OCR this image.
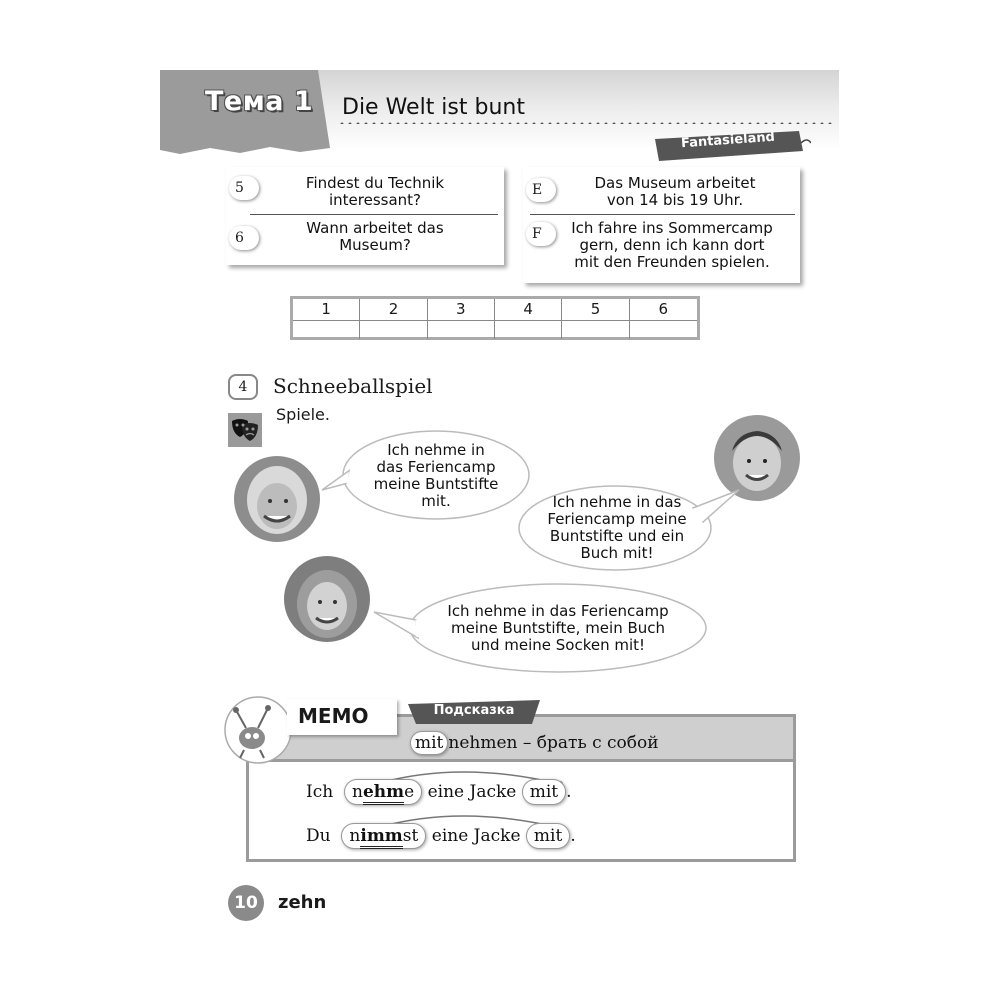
Тема 1 Die Welt ist bunt
Fantasieland
5	Findest du Technik
interessant?
6
Wann arbeitet das
Museum?
E	Das Museum arbeitet
von 14 bis 19 Uhr.
F	Ich fahre ins Sommercamp
gern, denn ich kann dort
mit den Freunden spielen.
1	2	3	4	5	6
4	Schneeballspiel
Spiele.
Ich nehme in
das Feriencamp
meine Buntstifte
mit.	Ich nehme in das
Feriencamp meine
Buntstifte und ein
Buch mit!
Ich nehme in das Feriencamp
meine Buntstifte, mein Buch
und meine Socken mit!
MEMO	Подсказка
mit nehmen – брать с собой
Ich nehme eine Jacke mit .
Du nimmst eine Jacke mit .
10	zehn
